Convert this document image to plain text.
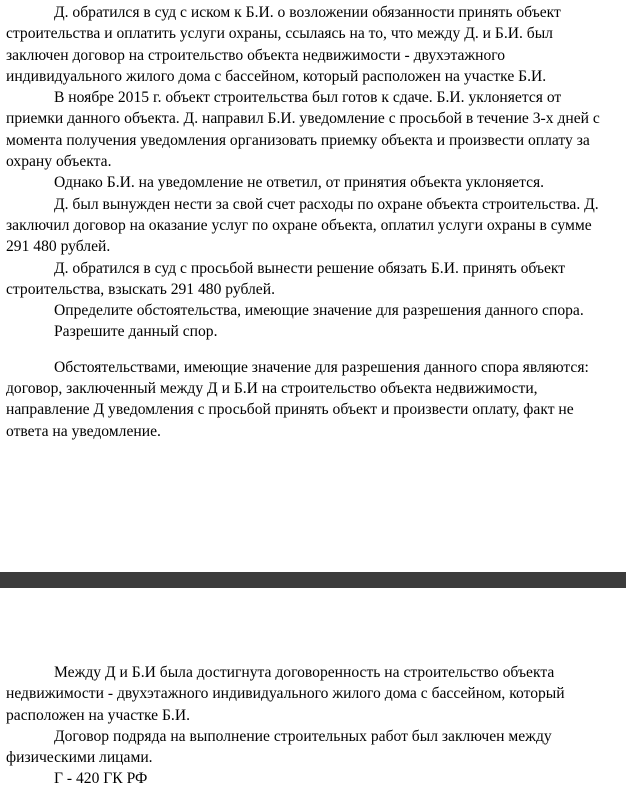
Д. обратился в суд с иском к Б.И. о возложении обязанности принять объект строительства и оплатить услуги охраны, ссылаясь на то, что между Д. и Б.И. был заключен договор на строительство объекта недвижимости - двухэтажного индивидуального жилого дома с бассейном, который расположен на участке Б.И.

В ноябре 2015 г. объект строительства был готов к сдаче. Б.И. уклоняется от приемки данного объекта. Д. направил Б.И. уведомление с просьбой в течение 3-х дней с момента получения уведомления организовать приемку объекта и произвести оплату за охрану объекта.

Однако Б.И. на уведомление не ответил, от принятия объекта уклоняется.

Д. был вынужден нести за свой счет расходы по охране объекта строительства. Д. заключил договор на оказание услуг по охране объекта, оплатил услуги охраны в сумме 291 480 рублей.

Д. обратился в суд с просьбой вынести решение обязать Б.И. принять объект строительства, взыскать 291 480 рублей.

Определите обстоятельства, имеющие значение для разрешения данного спора.

Разрешите данный спор.

Обстоятельствами, имеющие значение для разрешения данного спора являются: договор, заключенный между Д и Б.И на строительство объекта недвижимости, направление Д уведомления с просьбой принять объект и произвести оплату, факт не ответа на уведомление.

Между Д и Б.И была достигнута договоренность на строительство объекта недвижимости - двухэтажного индивидуального жилого дома с бассейном, который расположен на участке Б.И.

Договор подряда на выполнение строительных работ был заключен между физическими лицами.

Г - 420 ГК РФ
